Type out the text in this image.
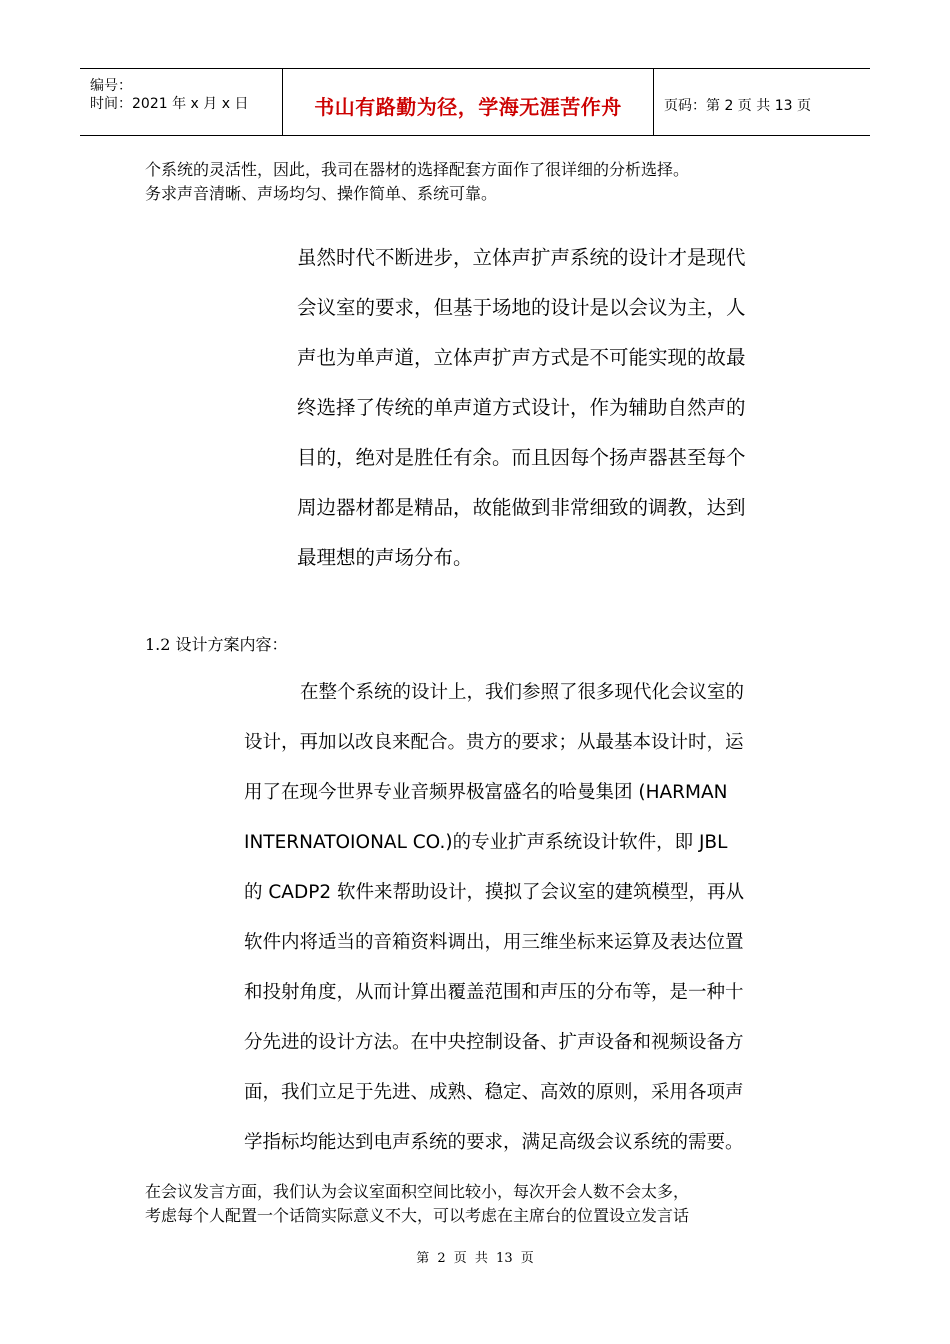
编号：
时间：2021 年 x 月 x 日	书山有路勤为径，学海无涯苦作舟	页码：第 2 页 共 13 页
个系统的灵活性，因此，我司在器材的选择配套方面作了很详细的分析选择。
务求声音清晰、声场均匀、操作简单、系统可靠。
虽然时代不断进步，立体声扩声系统的设计才是现代
会议室的要求，但基于场地的设计是以会议为主，人
声也为单声道，立体声扩声方式是不可能实现的故最
终选择了传统的单声道方式设计，作为辅助自然声的
目的，绝对是胜任有余。而且因每个扬声器甚至每个
周边器材都是精品，故能做到非常细致的调教，达到
最理想的声场分布。
1.2 设计方案内容：
在整个系统的设计上，我们参照了很多现代化会议室的
设计，再加以改良来配合。贵方的要求；从最基本设计时，运
用了在现今世界专业音频界极富盛名的哈曼集团 (HARMAN
INTERNATOIONAL CO.)的专业扩声系统设计软件，即 JBL
的 CADP2 软件来帮助设计，摸拟了会议室的建筑模型，再从
软件内将适当的音箱资料调出，用三维坐标来运算及表达位置
和投射角度，从而计算出覆盖范围和声压的分布等，是一种十
分先进的设计方法。在中央控制设备、扩声设备和视频设备方
面，我们立足于先进、成熟、稳定、高效的原则，采用各项声
学指标均能达到电声系统的要求，满足高级会议系统的需要。
在会议发言方面，我们认为会议室面积空间比较小，每次开会人数不会太多，
考虑每个人配置一个话筒实际意义不大，可以考虑在主席台的位置设立发言话
第 2 页 共 13 页
